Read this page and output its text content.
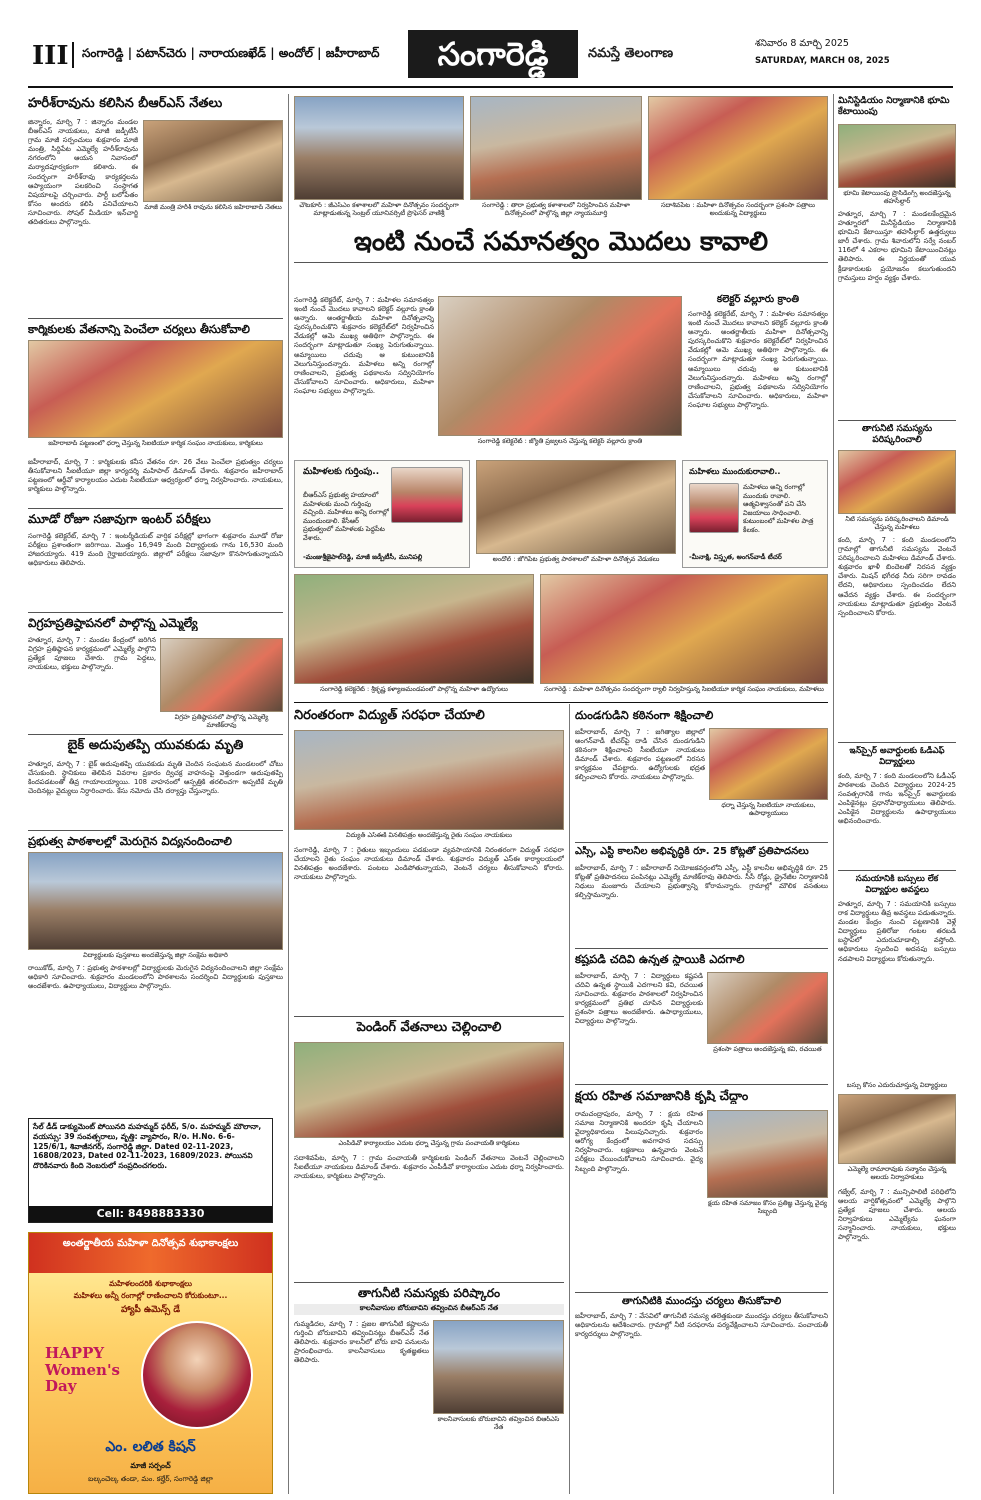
III సంగారెడ్డి | పటాన్‌చెరు | నారాయణఖేడ్ | అందోల్ | జహీరాబాద్	సంగారెడ్డి	నమస్తే తెలంగాణ
శనివారం 8 మార్చి 2025
SATURDAY, MARCH 08, 2025
హరీశ్‌రావును కలిసిన బీఆర్‌ఎస్ నేతలు
జిన్నారం, మార్చి 7 : జిన్నారం మండల బీఆర్‌ఎస్ నాయకులు, మాజీ జడ్పీటీసీ గ్రామ మాజీ సర్పంచులు శుక్రవారం మాజీ మంత్రి, సిద్దిపేట ఎమ్మెల్యే హరీశ్‌రావును నగరంలోని ఆయన నివాసంలో మర్యాదపూర్వకంగా కలిశారు. ఈ సందర్భంగా హరీశ్‌రావు కార్యకర్తలను ఆప్యాయంగా పలకరించి సంస్థాగత విషయాలపై చర్చించారు. పార్టీ బలోపేతం కోసం అందరు కలిసి పనిచేయాలని సూచించారు. సోషల్ మీడియా ఇన్‌చార్జి తదితరులు పాల్గొన్నారు.
మాజీ మంత్రి హరీశ్ రావును కలిసిన జహీరాబాద్ నేతలు
కార్మికులకు వేతనాన్ని పెంచేలా చర్యలు తీసుకోవాలి
జహీరాబాద్ పట్టణంలో ధర్నా చేస్తున్న సీఐటీయూ కార్మిక సంఘం నాయకులు, కార్మికులు
జహీరాబాద్, మార్చి 7 : కార్మికులకు కనీస వేతనం రూ. 26 వేలు పెంచేలా ప్రభుత్వం చర్యలు తీసుకోవాలని సీఐటీయూ జిల్లా కార్యదర్శి మహిపాల్ డిమాండ్ చేశారు. శుక్రవారం జహీరాబాద్ పట్టణంలో ఆర్డీవో కార్యాలయం ఎదుట సీఐటీయూ ఆధ్వర్యంలో ధర్నా నిర్వహించారు. నాయకులు, కార్మికులు పాల్గొన్నారు.
మూడో రోజూ సజావుగా ఇంటర్ పరీక్షలు
సంగారెడ్డి కలెక్టరేట్, మార్చి 7 : ఇంటర్మీడియట్ వార్షిక పరీక్షల్లో భాగంగా శుక్రవారం మూడో రోజు పరీక్షలు ప్రశాంతంగా జరిగాయి. మొత్తం 16,949 మంది విద్యార్థులకు గాను 16,530 మంది హాజరయ్యారు. 419 మంది గైర్హాజరయ్యారు. జిల్లాలో పరీక్షలు సజావుగా కొనసాగుతున్నాయని అధికారులు తెలిపారు.
విగ్రహప్రతిష్ఠాపనలో పాల్గొన్న ఎమ్మెల్యే
హత్నూర, మార్చి 7 : మండల కేంద్రంలో జరిగిన విగ్రహ ప్రతిష్ఠాపన కార్యక్రమంలో ఎమ్మెల్యే పాల్గొని ప్రత్యేక పూజలు చేశారు. గ్రామ పెద్దలు, నాయకులు, భక్తులు పాల్గొన్నారు.
విగ్రహ ప్రతిష్ఠాపనలో పాల్గొన్న ఎమ్మెల్యే మాణిక్‌రావు
బైక్ అదుపుతప్పి యువకుడు మృతి
హత్నూర, మార్చి 7 : బైక్ అదుపుతప్పి యువకుడు మృతి చెందిన సంఘటన మండలంలో చోటు చేసుకుంది. స్థానికులు తెలిపిన వివరాల ప్రకారం ద్విచక్ర వాహనంపై వెళ్తుండగా అదుపుతప్పి కిందపడటంతో తీవ్ర గాయాలయ్యాయి. 108 వాహనంలో ఆస్పత్రికి తరలించగా అప్పటికే మృతి చెందినట్లు వైద్యులు నిర్ధారించారు. కేసు నమోదు చేసి దర్యాప్తు చేస్తున్నారు.
ప్రభుత్వ పాఠశాలల్లో మెరుగైన విద్యనందించాలి
విద్యార్థులకు పుస్తకాలు అందజేస్తున్న జిల్లా సంక్షేమ అధికారి
రాయికోడ్, మార్చి 7 : ప్రభుత్వ పాఠశాలల్లో విద్యార్థులకు మెరుగైన విద్యనందించాలని జిల్లా సంక్షేమ అధికారి సూచించారు. శుక్రవారం మండలంలోని పాఠశాలను సందర్శించి విద్యార్థులకు పుస్తకాలు అందజేశారు. ఉపాధ్యాయులు, విద్యార్థులు పాల్గొన్నారు.
సేల్ డీడ్ డాక్యుమెంట్ పోయినది మహమ్మద్ ఫరీద్, S/o. మహమ్మద్ మౌలానా, వయస్సు: 39 సంవత్సరాలు, వృత్తి: వ్యాపారం, R/o. H.No. 6-6-125/6/1, శివాజీనగర్, సంగారెడ్డి జిల్లా. Dated 02-11-2023, 16808/2023, Dated 02-11-2023, 16809/2023. పోయినవి దొరికినవారు కింది నెంబరులో సంప్రదించగలరు.
Cell: 8498883330
అంతర్జాతీయ మహిళా దినోత్సవ శుభాకాంక్షలు
మహిళలందరికి శుభాకాంక్షలు
మహిళలు అన్నీ రంగాల్లో రాణించాలని కోరుకుంటూ...
హ్యాపీ ఉమెన్స్ డే
HAPPY Women's Day
ఎం. లలిత కిషన్
మాజీ సర్పంచ్
బల్కంచెల్క తండా, మం. కల్హేర్, సంగారెడ్డి జిల్లా
చౌటకూర్ : జీఎస్‌ఎం కళాశాలలో మహిళా దినోత్సవం సందర్భంగా మాట్లాడుతున్న సెంట్రల్ యూనివర్సిటీ ప్రొఫెసర్ వాణిశ్రీ
సంగారెడ్డి : తారా ప్రభుత్వ కళాశాలలో నిర్వహించిన మహిళా దినోత్సవంలో పాల్గొన్న జిల్లా న్యాయమూర్తి
సదాశివపేట : మహిళా దినోత్సవం సందర్భంగా ప్రశంసా పత్రాలు అందుకున్న విద్యార్థులు
ఇంటి నుంచే సమానత్వం మొదలు కావాలి
సంగారెడ్డి కలెక్టరేట్, మార్చి 7 : మహిళల సమానత్వం ఇంటి నుంచే మొదలు కావాలని కలెక్టర్ వల్లూరు క్రాంతి అన్నారు. అంతర్జాతీయ మహిళా దినోత్సవాన్ని పురస్కరించుకొని శుక్రవారం కలెక్టరేట్‌లో నిర్వహించిన వేడుకల్లో ఆమె ముఖ్య అతిథిగా పాల్గొన్నారు. ఈ సందర్భంగా మాట్లాడుతూ సంఖ్య పెరుగుతున్నాయి. అమ్మాయిలు చదువు ఆ కుటుంబానికి వెలుగునిస్తుందన్నారు. మహిళలు అన్ని రంగాల్లో రాణించాలని, ప్రభుత్వ పథకాలను సద్వినియోగం చేసుకోవాలని సూచించారు. అధికారులు, మహిళా సంఘాల సభ్యులు పాల్గొన్నారు.
సంగారెడ్డి కలెక్టరేట్ : జ్యోతి ప్రజ్వలన చేస్తున్న కలెక్టర్ వల్లూరు క్రాంతి
కలెక్టర్ వల్లూరు క్రాంతి
సంగారెడ్డి కలెక్టరేట్, మార్చి 7 : మహిళల సమానత్వం ఇంటి నుంచే మొదలు కావాలని కలెక్టర్ వల్లూరు క్రాంతి అన్నారు. అంతర్జాతీయ మహిళా దినోత్సవాన్ని పురస్కరించుకొని శుక్రవారం కలెక్టరేట్‌లో నిర్వహించిన వేడుకల్లో ఆమె ముఖ్య అతిథిగా పాల్గొన్నారు. ఈ సందర్భంగా మాట్లాడుతూ సంఖ్య పెరుగుతున్నాయి. అమ్మాయిలు చదువు ఆ కుటుంబానికి వెలుగునిస్తుందన్నారు. మహిళలు అన్ని రంగాల్లో రాణించాలని, ప్రభుత్వ పథకాలను సద్వినియోగం చేసుకోవాలని సూచించారు. అధికారులు, మహిళా సంఘాల సభ్యులు పాల్గొన్నారు.
మహిళలకు గుర్తింపు..
బీఆర్‌ఎస్ ప్రభుత్వ హయాంలో మహిళలకు మంచి గుర్తింపు వచ్చింది. మహిళలు అన్ని రంగాల్లో ముందుండాలి. కేసీఆర్ ప్రభుత్వంలో మహిళలకు పెద్దపీట వేశారు.
-మంజుశ్రీజైపాల్‌రెడ్డి, మాజీ జడ్పీటీసీ, మునిపల్లి	అందోల్ : జోగిపేట ప్రభుత్వ పాఠశాలలో మహిళా దినోత్సవ వేడుకలు
మహిళలు ముందుకురావాలి..
మహిళలు అన్ని రంగాల్లో ముందుకు రావాలి. ఆత్మవిశ్వాసంతో పని చేసి విజయాలు సాధించాలి. కుటుంబంలో మహిళల పాత్ర కీలకం.
-మీనాక్షి, విస్తృత, అంగన్‌వాడీ టీచర్
సంగారెడ్డి కలెక్టరేట్ : శ్రీకృష్ణ కళ్యాణమండపంలో పాల్గొన్న మహిళా ఉద్యోగులు	సంగారెడ్డి : మహిళా దినోత్సవం సందర్భంగా ర్యాలీ నిర్వహిస్తున్న సీఐటీయూ కార్మిక సంఘం నాయకులు, మహిళలు
నిరంతరంగా విద్యుత్ సరఫరా చేయాలి
విద్యుత్ ఎస్‌ఈకి వినతిపత్రం అందజేస్తున్న రైతు సంఘం నాయకులు
సంగారెడ్డి, మార్చి 7 : రైతులు ఇబ్బందులు పడకుండా వ్యవసాయానికి నిరంతరంగా విద్యుత్ సరఫరా చేయాలని రైతు సంఘం నాయకులు డిమాండ్ చేశారు. శుక్రవారం విద్యుత్ ఎస్‌ఈ కార్యాలయంలో వినతిపత్రం అందజేశారు. పంటలు ఎండిపోతున్నాయని, వెంటనే చర్యలు తీసుకోవాలని కోరారు. నాయకులు పాల్గొన్నారు.
పెండింగ్ వేతనాలు చెల్లించాలి
ఎంపీడీవో కార్యాలయం ఎదుట ధర్నా చేస్తున్న గ్రామ పంచాయతీ కార్మికులు
సదాశివపేట, మార్చి 7 : గ్రామ పంచాయతీ కార్మికులకు పెండింగ్ వేతనాలు వెంటనే చెల్లించాలని సీఐటీయూ నాయకులు డిమాండ్ చేశారు. శుక్రవారం ఎంపీడీవో కార్యాలయం ఎదుట ధర్నా నిర్వహించారు. నాయకులు, కార్మికులు పాల్గొన్నారు.
తాగునీటి సమస్యకు పరిష్కారం
కాలనీవాసుల బోరుబావిని తవ్వించిన బీఆర్‌ఎస్ నేత
గుమ్మడిదల, మార్చి 7 : ప్రజల తాగునీటి కష్టాలను గుర్తించి బోరుబావిని తవ్వించినట్లు బీఆర్‌ఎస్ నేత తెలిపారు. శుక్రవారం కాలనీలో బోరు బావి పనులను ప్రారంభించారు. కాలనీవాసులు కృతజ్ఞతలు తెలిపారు.
కాలనీవాసులకు బోరుబావిని తవ్వించిన బీఆర్‌ఎస్ నేత
దుండగుడిని కఠినంగా శిక్షించాలి
జహీరాబాద్, మార్చి 7 : జగిత్యాల జిల్లాలో అంగన్‌వాడీ టీచర్‌పై దాడి చేసిన దుండగుడిని కఠినంగా శిక్షించాలని సీఐటీయూ నాయకులు డిమాండ్ చేశారు. శుక్రవారం పట్టణంలో నిరసన కార్యక్రమం చేపట్టారు. ఉద్యోగులకు భద్రత కల్పించాలని కోరారు. నాయకులు పాల్గొన్నారు.
ధర్నా చేస్తున్న సీఐటీయూ నాయకులు, ఉపాధ్యాయులు
ఎస్సీ, ఎస్టీ కాలనీల అభివృద్ధికి రూ. 25 కోట్లతో ప్రతిపాదనలు
జహీరాబాద్, మార్చి 7 : జహీరాబాద్ నియోజకవర్గంలోని ఎస్సీ, ఎస్టీ కాలనీల అభివృద్ధికి రూ. 25 కోట్లతో ప్రతిపాదనలు పంపినట్లు ఎమ్మెల్యే మాణిక్‌రావు తెలిపారు. సీసీ రోడ్లు, డ్రైనేజీల నిర్మాణానికి నిధులు మంజూరు చేయాలని ప్రభుత్వాన్ని కోరామన్నారు. గ్రామాల్లో మౌలిక వసతులు కల్పిస్తామన్నారు.
కష్టపడి చదివి ఉన్నత స్థాయికి ఎదగాలి
జహీరాబాద్, మార్చి 7 : విద్యార్థులు కష్టపడి చదివి ఉన్నత స్థాయికి ఎదగాలని కవి, రచయిత సూచించారు. శుక్రవారం పాఠశాలలో నిర్వహించిన కార్యక్రమంలో ప్రతిభ చూపిన విద్యార్థులకు ప్రశంసా పత్రాలు అందజేశారు. ఉపాధ్యాయులు, విద్యార్థులు పాల్గొన్నారు.
ప్రశంసా పత్రాలు అందజేస్తున్న కవి, రచయిత
క్షయ రహిత సమాజానికి కృషి చేద్దాం
రామచంద్రాపురం, మార్చి 7 : క్షయ రహిత సమాజ నిర్మాణానికి అందరూ కృషి చేయాలని వైద్యాధికారులు పిలుపునిచ్చారు. శుక్రవారం ఆరోగ్య కేంద్రంలో అవగాహన సదస్సు నిర్వహించారు. లక్షణాలు ఉన్నవారు వెంటనే పరీక్షలు చేయించుకోవాలని సూచించారు. వైద్య సిబ్బంది పాల్గొన్నారు.
క్షయ రహిత సమాజం కోసం ప్రతిజ్ఞ చేస్తున్న వైద్య సిబ్బంది
తాగునీటికి ముందస్తు చర్యలు తీసుకోవాలి
జహీరాబాద్, మార్చి 7 : వేసవిలో తాగునీటి సమస్య తలెత్తకుండా ముందస్తు చర్యలు తీసుకోవాలని అధికారులను ఆదేశించారు. గ్రామాల్లో నీటి సరఫరాను పర్యవేక్షించాలని సూచించారు. పంచాయతీ కార్యదర్శులు పాల్గొన్నారు.
మినీస్టేడియం నిర్మాణానికి భూమి కేటాయింపు
భూమి కేటాయింపు ప్రొసీడింగ్స్ అందజేస్తున్న తహసీల్దార్
హత్నూర, మార్చి 7 : మండలకేంద్రమైన హత్నూరలో మినీస్టేడియం నిర్మాణానికి భూమిని కేటాయిస్తూ తహసీల్దార్ ఉత్తర్వులు జారీ చేశారు. గ్రామ శివారులోని సర్వే నంబర్ 116లో 4 ఎకరాల భూమిని కేటాయించినట్లు తెలిపారు. ఈ నిర్ణయంతో యువ క్రీడాకారులకు ప్రయోజనం కలుగుతుందని గ్రామస్తులు హర్షం వ్యక్తం చేశారు.
తాగునీటి సమస్యను పరిష్కరించాలి
నీటి సమస్యను పరిష్కరించాలని డిమాండ్ చేస్తున్న మహిళలు
కంది, మార్చి 7 : కంది మండలంలోని గ్రామాల్లో తాగునీటి సమస్యను వెంటనే పరిష్కరించాలని మహిళలు డిమాండ్ చేశారు. శుక్రవారం ఖాళీ బిందెలతో నిరసన వ్యక్తం చేశారు. మిషన్ భగీరథ నీరు సరిగా రావడం లేదని, అధికారులు స్పందించడం లేదని ఆవేదన వ్యక్తం చేశారు. ఈ సందర్భంగా నాయకులు మాట్లాడుతూ ప్రభుత్వం వెంటనే స్పందించాలని కోరారు.
ఇన్‌స్పైర్ అవార్డులకు ఓడీఎఫ్ విద్యార్థులు
కంది, మార్చి 7 : కంది మండలంలోని ఓడీఎఫ్ పాఠశాలకు చెందిన విద్యార్థులు 2024-25 సంవత్సరానికి గాను ఇన్‌స్పైర్ అవార్డులకు ఎంపికైనట్లు ప్రధానోపాధ్యాయులు తెలిపారు. ఎంపికైన విద్యార్థులను ఉపాధ్యాయులు అభినందించారు.
సమయానికి బస్సులు లేక విద్యార్థుల అవస్థలు
హత్నూర, మార్చి 7 : సమయానికి బస్సులు రాక విద్యార్థులు తీవ్ర అవస్థలు పడుతున్నారు. మండల కేంద్రం నుంచి పట్టణానికి వెళ్లే విద్యార్థులు ప్రతిరోజు గంటల తరబడి బస్టాప్‌లో ఎదురుచూడాల్సి వస్తోంది. అధికారులు స్పందించి అదనపు బస్సులు నడపాలని విద్యార్థులు కోరుతున్నారు.
బస్సు కోసం ఎదురుచూస్తున్న విద్యార్థులు
ఎమ్మెల్యే రామారావుకు సన్మానం చేస్తున్న ఆలయ నిర్వాహకులు
గజ్వేల్, మార్చి 7 : మున్సిపాలిటీ పరిధిలోని ఆలయ వార్షికోత్సవంలో ఎమ్మెల్యే పాల్గొని ప్రత్యేక పూజలు చేశారు. ఆలయ నిర్వాహకులు ఎమ్మెల్యేను ఘనంగా సన్మానించారు. నాయకులు, భక్తులు పాల్గొన్నారు.
